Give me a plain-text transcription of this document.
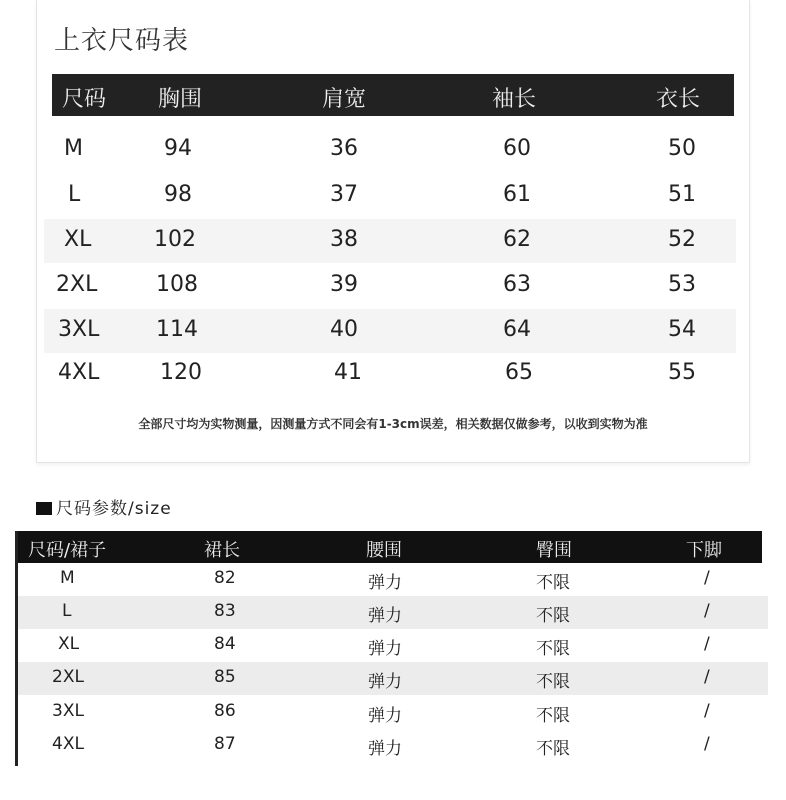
上衣尺码表
尺码 胸围	肩宽	袖长	衣长
M	94	36	60	50
L	98	37	61	51
XL	102	38	62	52
2XL	108	39	63	53
3XL	114	40	64	54
4XL	120	41	65	55
全部尺寸均为实物测量，因测量方式不同会有1-3cm误差，相关数据仅做参考，以收到实物为准
尺码参数/size
尺码/裙子	裙长	腰围	臀围	下脚
M	82	弹力	不限	/
L	83	弹力	不限	/
XL	84	弹力	不限	/
2XL	85	弹力	不限	/
3XL	86	弹力	不限	/
4XL	87	弹力	不限	/
